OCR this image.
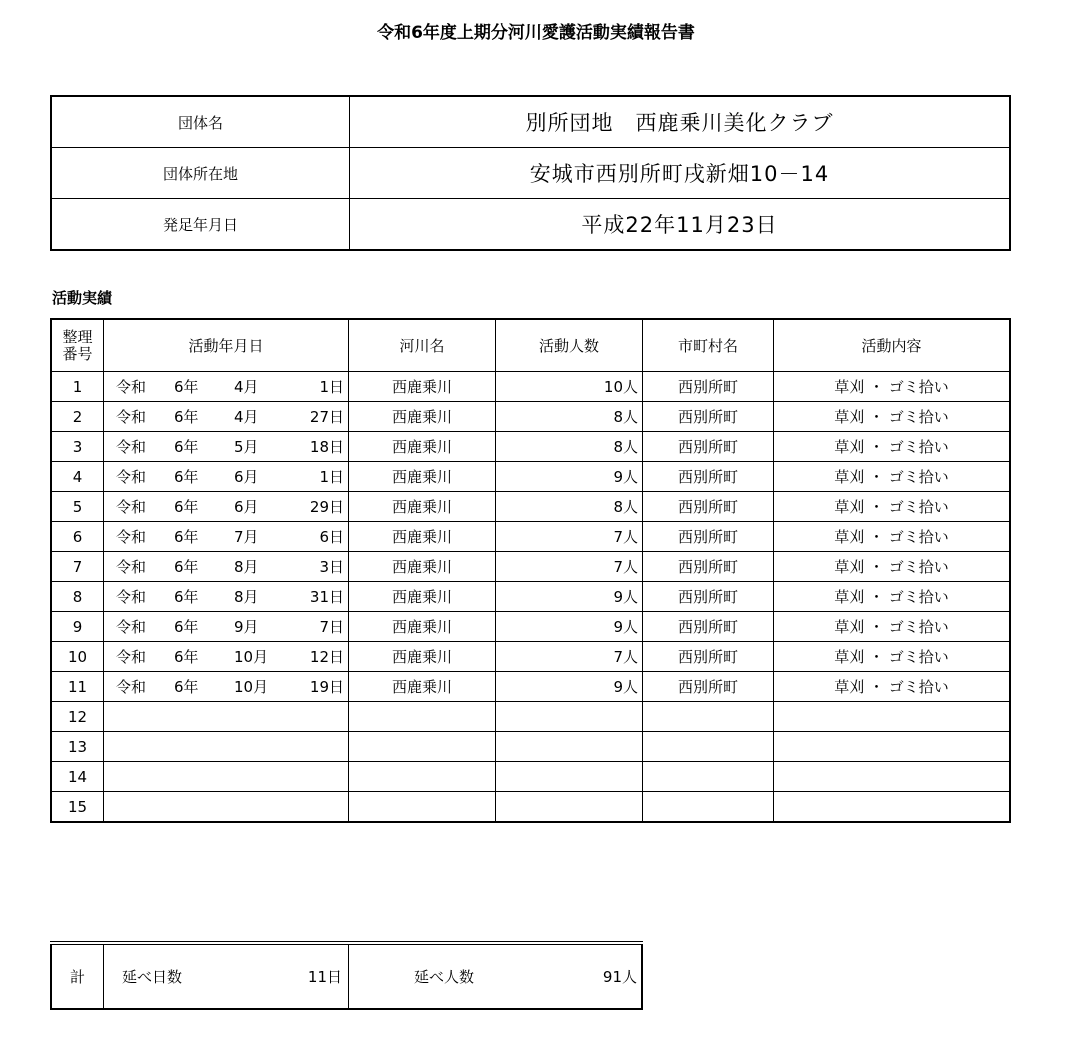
令和6年度上期分河川愛護活動実績報告書
団体名	別所団地　西鹿乗川美化クラブ
団体所在地	安城市西別所町戌新畑10－14
発足年月日	平成22年11月23日
活動実績
整理
番号	活動年月日	河川名	活動人数	市町村名	活動内容
1	令和 6年 4月 1日	西鹿乗川	10人	西別所町	草刈 ・ ゴミ拾い
2	令和 6年 4月 27日	西鹿乗川	8人	西別所町	草刈 ・ ゴミ拾い
3	令和 6年 5月 18日	西鹿乗川	8人	西別所町	草刈 ・ ゴミ拾い
4	令和 6年 6月 1日	西鹿乗川	9人	西別所町	草刈 ・ ゴミ拾い
5	令和 6年 6月 29日	西鹿乗川	8人	西別所町	草刈 ・ ゴミ拾い
6	令和 6年 7月 6日	西鹿乗川	7人	西別所町	草刈 ・ ゴミ拾い
7	令和 6年 8月 3日	西鹿乗川	7人	西別所町	草刈 ・ ゴミ拾い
8	令和 6年 8月 31日	西鹿乗川	9人	西別所町	草刈 ・ ゴミ拾い
9	令和 6年 9月 7日	西鹿乗川	9人	西別所町	草刈 ・ ゴミ拾い
10	令和 6年 10月 12日	西鹿乗川	7人	西別所町	草刈 ・ ゴミ拾い
11	令和 6年 10月 19日	西鹿乗川	9人	西別所町	草刈 ・ ゴミ拾い
12	

13	

14	

15	

計	延べ日数	11日	延べ人数	91人
